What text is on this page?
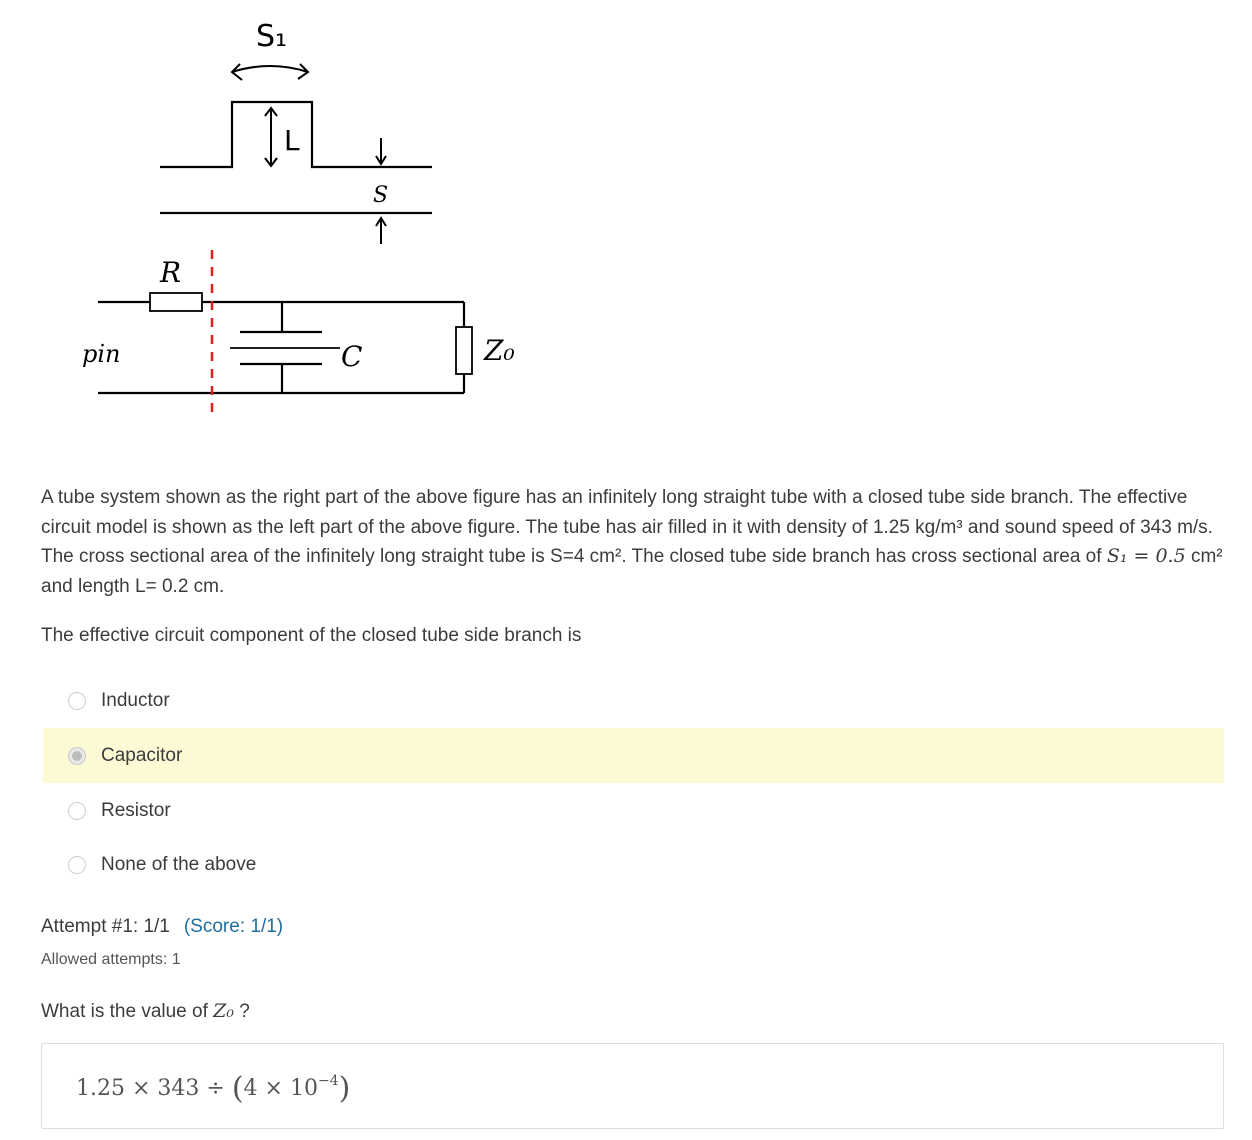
S₁
L
S
R
pin	C	Z₀
A tube system shown as the right part of the above figure has an infinitely long straight tube with a closed tube side branch. The effective circuit model is shown as the left part of the above figure. The tube has air filled in it with density of 1.25 kg/m³ and sound speed of 343 m/s. The cross sectional area of the infinitely long straight tube is S=4 cm². The closed tube side branch has cross sectional area of S₁ = 0.5 cm² and length L= 0.2 cm.
The effective circuit component of the closed tube side branch is
Inductor
Capacitor
Resistor
None of the above
Attempt #1: 1/1 (Score: 1/1)
Allowed attempts: 1
What is the value of Z₀ ?
$1.25 \times 343 \div (4 \times 10^{-4})$
